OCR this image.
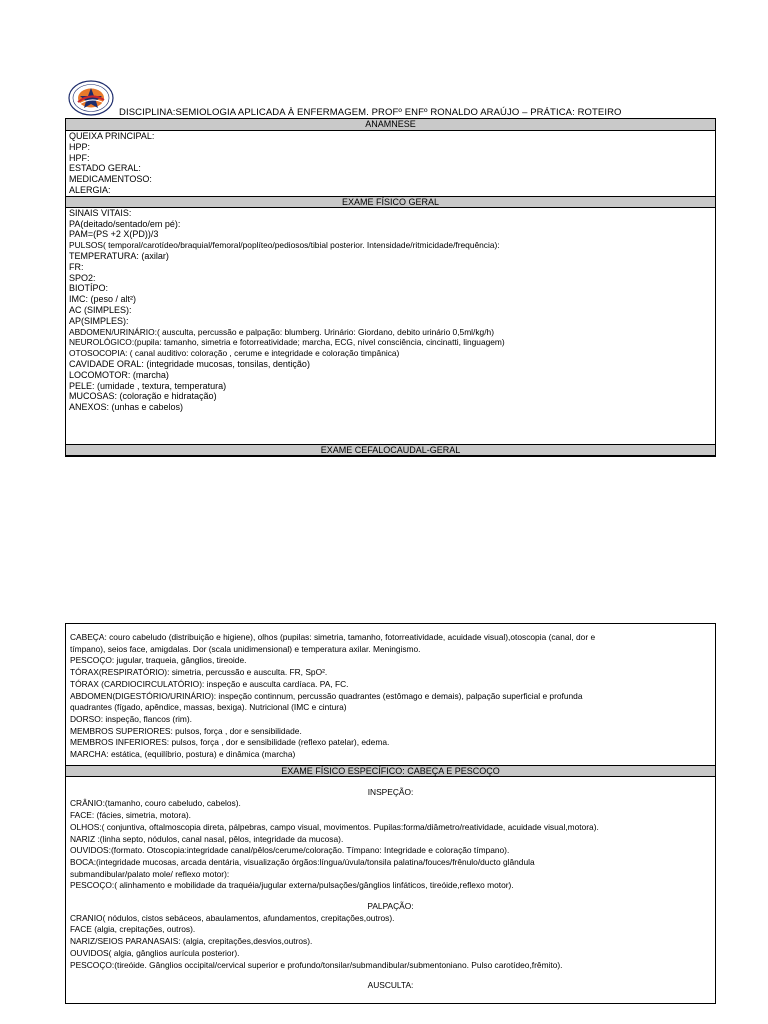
DISCIPLINA:SEMIOLOGIA APLICADA À ENFERMAGEM. PROFº ENFº RONALDO ARAÚJO – PRÁTICA: ROTEIRO
ANAMNESE
QUEIXA PRINCIPAL:
HPP:
HPF:
ESTADO GERAL:
MEDICAMENTOSO:
ALERGIA:
EXAME FÍSICO GERAL
SINAIS VITAIS:
PA(deitado/sentado/em pé):
PAM=(PS +2 X(PD))/3
PULSOS( temporal/carotídeo/braquial/femoral/poplíteo/pediosos/tibial posterior. Intensidade/ritmicidade/frequência):
TEMPERATURA: (axilar)
FR:
SPO2:
BIOTÍPO:
IMC: (peso / alt²)
AC (SIMPLES):
AP(SIMPLES):
ABDOMEN/URINÁRIO:( ausculta, percussão e palpação: blumberg. Urinário: Giordano, debito urinário 0,5ml/kg/h)
NEUROLÓGICO:(pupila: tamanho, simetria e fotorreatividade; marcha, ECG, nível consciência, cincinatti, linguagem)
OTOSOCOPIA: ( canal auditivo: coloração , cerume e integridade e coloração timpânica)
CAVIDADE ORAL: (integridade mucosas, tonsilas, dentição)
LOCOMOTOR: (marcha)
PELE: (umidade , textura, temperatura)
MUCOSAS: (coloração e hidratação)
ANEXOS: (unhas e cabelos)
EXAME CEFALOCAUDAL-GERAL
CABEÇA: couro cabeludo (distribuição e higiene), olhos (pupilas: simetria, tamanho, fotorreatividade, acuidade visual),otoscopia (canal, dor e
tímpano), seios face, amigdalas. Dor (scala unidimensional) e temperatura axilar. Meningismo.
PESCOÇO: jugular, traqueia, gânglios, tireoide.
TÓRAX(RESPIRATÓRIO): simetria, percussão e ausculta. FR, SpO².
TÓRAX (CARDIOCIRCULATÓRIO): inspeção e ausculta cardíaca. PA, FC.
ABDOMEN(DIGESTÓRIO/URINÁRIO): inspeção continnum, percussão quadrantes (estômago e demais), palpação superficial e profunda
quadrantes (fígado, apêndice, massas, bexiga). Nutricional (IMC e cintura)
DORSO: inspeção, flancos (rim).
MEMBROS SUPERIORES: pulsos, força , dor e sensibilidade.
MEMBROS INFERIORES: pulsos, força , dor e sensibilidade (reflexo patelar), edema.
MARCHA: estática, (equilíbrio, postura) e dinâmica (marcha)
EXAME FÍSICO ESPECÍFICO: CABEÇA E PESCOÇO
INSPEÇÃO:
CRÂNIO:(tamanho, couro cabeludo, cabelos).
FACE: (fácies, simetria, motora).
OLHOS:( conjuntiva, oftalmoscopia direta, pálpebras, campo visual, movimentos. Pupilas:forma/diâmetro/reatividade, acuidade visual,motora).
NARIZ :(linha septo, nódulos, canal nasal, pêlos, integridade da mucosa).
OUVIDOS:(formato. Otoscopia:integridade canal/pêlos/cerume/coloração. Tímpano: Integridade e coloração tímpano).
BOCA:(integridade mucosas, arcada dentária, visualização órgãos:língua/úvula/tonsila palatina/fouces/frênulo/ducto glândula
submandibular/palato mole/ reflexo motor):
PESCOÇO:( alinhamento e mobilidade da traquéia/jugular externa/pulsações/gânglios linfáticos, tireóide,reflexo motor).
PALPAÇÃO:
CRANIO( nódulos, cistos sebáceos, abaulamentos, afundamentos, crepitações,outros).
FACE (algia, crepitações, outros).
NARIZ/SEIOS PARANASAIS: (algia, crepitações,desvios,outros).
OUVIDOS( algia, gânglios aurícula posterior).
PESCOÇO:(tireóide. Gânglios occipital/cervical superior e profundo/tonsilar/submandibular/submentoniano. Pulso carotídeo,frêmito).
AUSCULTA:
